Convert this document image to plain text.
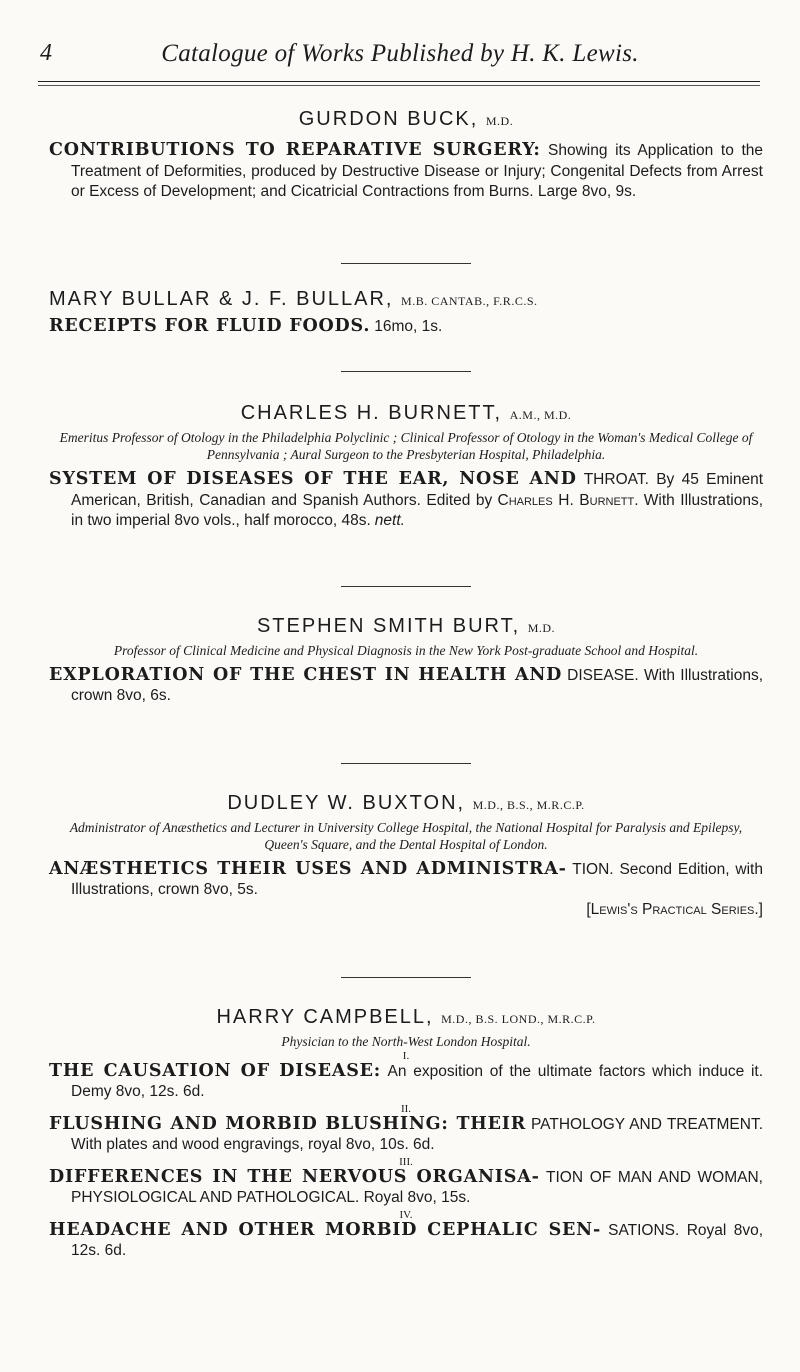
4	Catalogue of Works Published by H. K. Lewis.

GURDON BUCK, M.D.

CONTRIBUTIONS TO REPARATIVE SURGERY: Showing its Application to the Treatment of Deformities, produced by Destructive Disease or Injury; Congenital Defects from Arrest or Excess of Development; and Cicatricial Contractions from Burns. Large 8vo, 9s.

MARY BULLAR & J. F. BULLAR, M.B. CANTAB., F.R.C.S.

RECEIPTS FOR FLUID FOODS. 16mo, 1s.

CHARLES H. BURNETT, A.M., M.D.

Emeritus Professor of Otology in the Philadelphia Polyclinic ; Clinical Professor of Otology in the Woman's Medical College of Pennsylvania ; Aural Surgeon to the Presbyterian Hospital, Philadelphia.

SYSTEM OF DISEASES OF THE EAR, NOSE AND THROAT. By 45 Eminent American, British, Canadian and Spanish Authors. Edited by Charles H. Burnett. With Illustrations, in two imperial 8vo vols., half morocco, 48s. nett.

STEPHEN SMITH BURT, M.D.

Professor of Clinical Medicine and Physical Diagnosis in the New York Post-graduate School and Hospital.

EXPLORATION OF THE CHEST IN HEALTH AND DISEASE. With Illustrations, crown 8vo, 6s.

DUDLEY W. BUXTON, M.D., B.S., M.R.C.P.

Administrator of Anæsthetics and Lecturer in University College Hospital, the National Hospital for Paralysis and Epilepsy, Queen's Square, and the Dental Hospital of London.

ANÆSTHETICS THEIR USES AND ADMINISTRA- TION. Second Edition, with Illustrations, crown 8vo, 5s.

[Lewis's Practical Series.]

HARRY CAMPBELL, M.D., B.S. LOND., M.R.C.P.

Physician to the North-West London Hospital.

I.

THE CAUSATION OF DISEASE: An exposition of the ultimate factors which induce it. Demy 8vo, 12s. 6d.

II.

FLUSHING AND MORBID BLUSHING: THEIR PATHOLOGY AND TREATMENT. With plates and wood engravings, royal 8vo, 10s. 6d.

III.

DIFFERENCES IN THE NERVOUS ORGANISA- TION OF MAN AND WOMAN, PHYSIOLOGICAL AND PATHOLOGICAL. Royal 8vo, 15s.

IV.

HEADACHE AND OTHER MORBID CEPHALIC SEN- SATIONS. Royal 8vo, 12s. 6d.
